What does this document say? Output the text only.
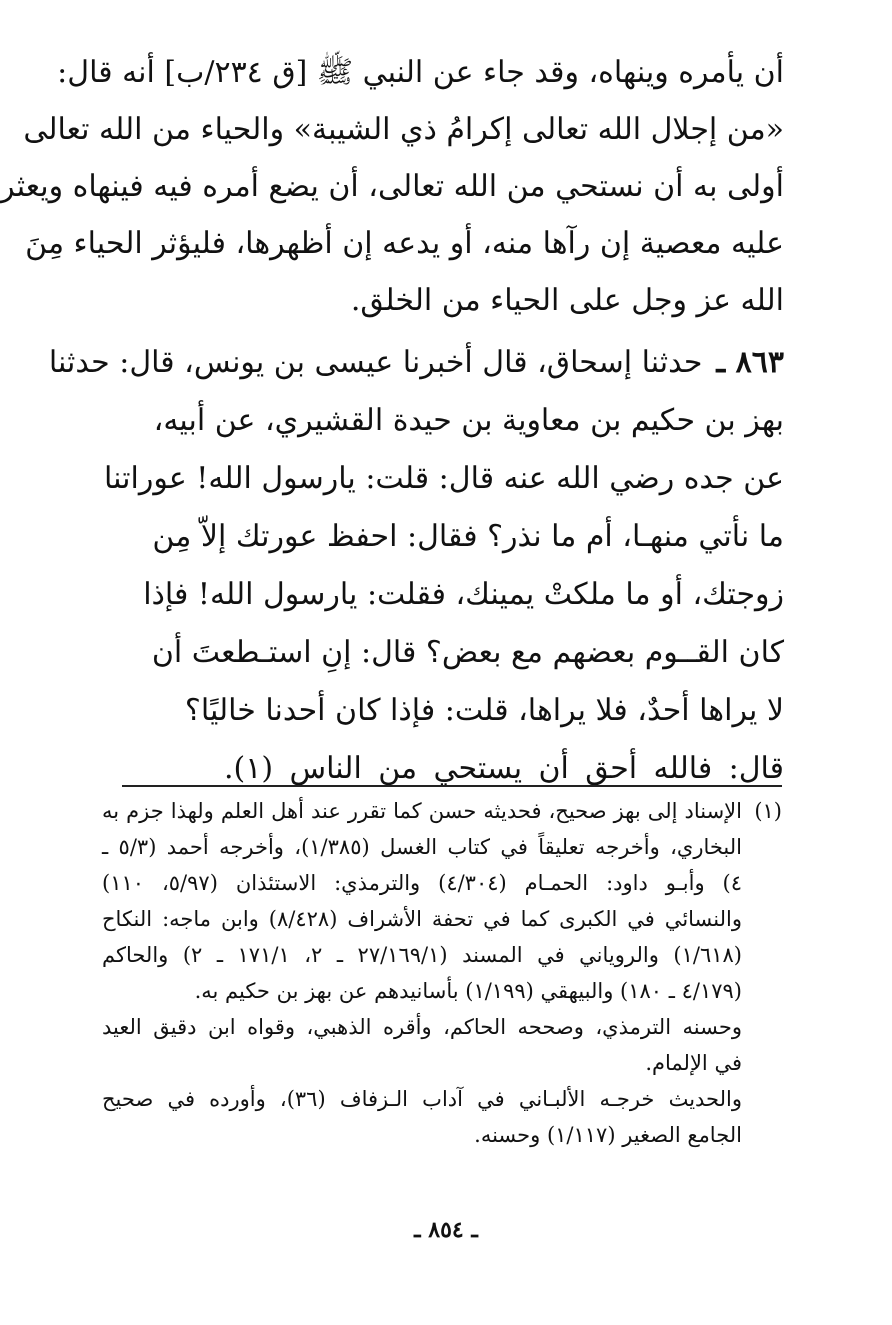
أن يأمره وينهاه، وقد جاء عن النبي ﷺ [ق ٢٣٤/ب] أنه قال:
«من إجلال الله تعالى إكرامُ ذي الشيبة» والحياء من الله تعالى
أولى به أن نستحي من الله تعالى، أن يضع أمره فيه فينهاه ويعثر
عليه معصية إن رآها منه، أو يدعه إن أظهرها، فليؤثر الحياء مِنَ
الله عز وجل على الحياء من الخلق.
٨٦٣ ـ
حدثنا إسحاق، قال أخبرنا عيسى بن يونس، قال: حدثنا
بهز بن حكيم بن معاوية بن حيدة القشيري، عن أبيه،
عن جده رضي الله عنه قال: قلت: يارسول الله! عوراتنا
ما نأتي منهـا، أم ما نذر؟ فقال: احفظ عورتك إلاّ مِن
زوجتك، أو ما ملكتْ يمينك، فقلت: يارسول الله! فإذا
كان القــوم بعضهم مع بعض؟ قال: إنِ استـطعتَ أن
لا يراها أحدٌ، فلا يراها، قلت: فإذا كان أحدنا خاليًا؟
قال: فالله أحق أن يستحي من الناس (١).
(١)
الإسناد إلى بهز صحيح، فحديثه حسن كما تقرر عند أهل العلم ولهذا جزم به
البخاري، وأخرجه تعليقاً في كتاب الغسل (١/٣٨٥)، وأخرجه أحمد (٥/٣ ـ
٤) وأبـو داود: الحمـام (٤/٣٠٤) والترمذي: الاستئذان (٥/٩٧، ١١٠)
والنسائي في الكبرى كما في تحفة الأشراف (٨/٤٢٨) وابن ماجه: النكاح
(١/٦١٨) والروياني في المسند (٢٧/١٦٩/١ ـ ٢، ١٧١/١ ـ ٢) والحاكم
(٤/١٧٩ ـ ١٨٠) والبيهقي (١/١٩٩) بأسانيدهم عن بهز بن حكيم به.
وحسنه الترمذي، وصححه الحاكم، وأقره الذهبي، وقواه ابن دقيق العيد
في الإلمام.
والحديث خرجـه الألبـاني في آداب الـزفاف (٣٦)، وأورده في صحيح
الجامع الصغير (١/١١٧) وحسنه.
ـ ٨٥٤ ـ
